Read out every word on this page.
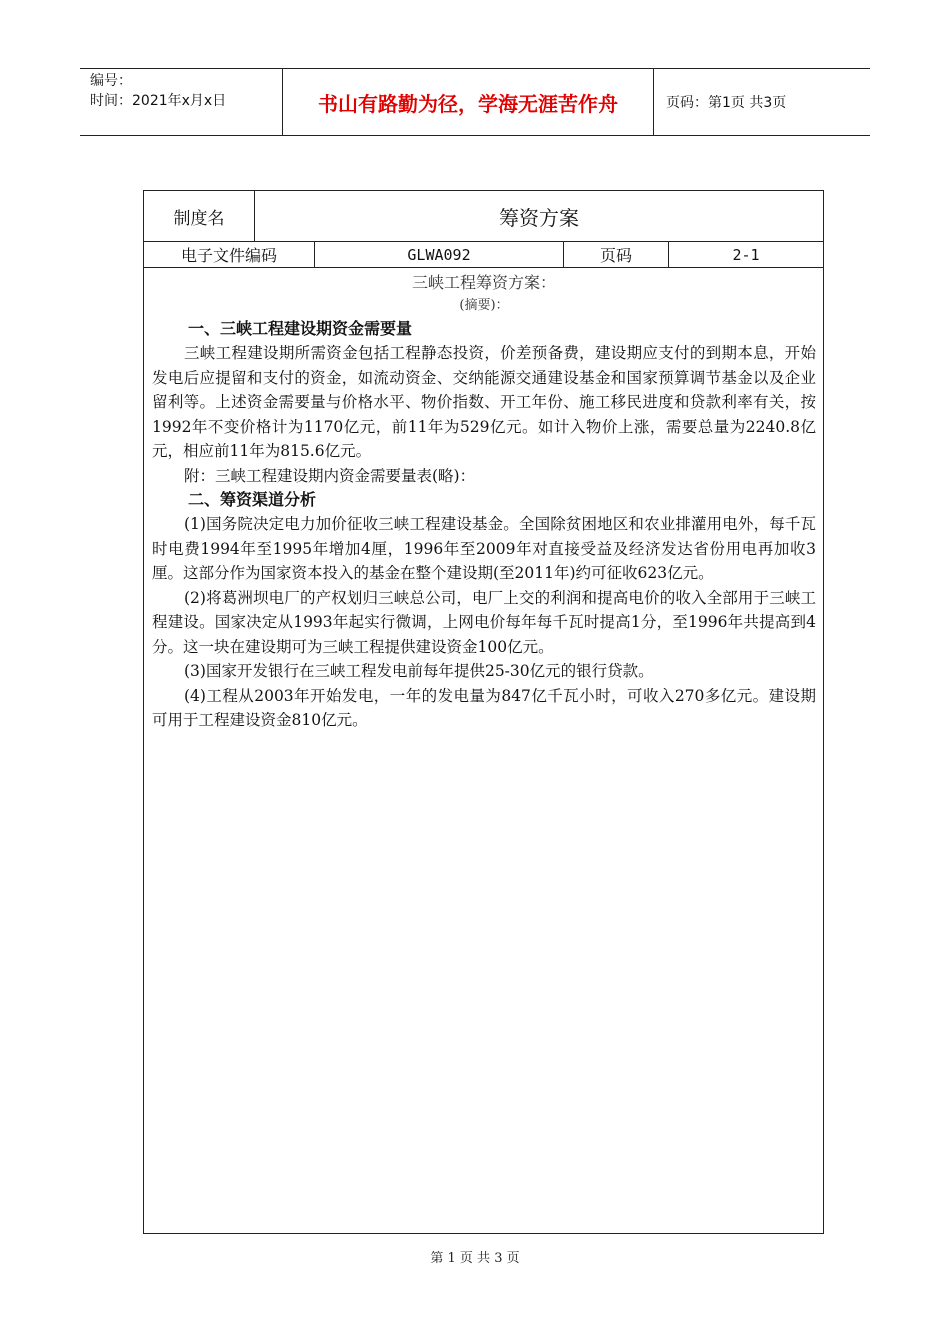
编号：
时间：2021年x月x日	书山有路勤为径，学海无涯苦作舟	页码：第1页 共3页
制度名	筹资方案
电子文件编码	GLWA092	页码	2-1
三峡工程筹资方案：
(摘要)：
一、三峡工程建设期资金需要量

三峡工程建设期所需资金包括工程静态投资，价差预备费，建设期应支付的到期本息，开始发电后应提留和支付的资金，如流动资金、交纳能源交通建设基金和国家预算调节基金以及企业留利等。上述资金需要量与价格水平、物价指数、开工年份、施工移民进度和贷款利率有关，按1992年不变价格计为1170亿元，前11年为529亿元。如计入物价上涨，需要总量为2240.8亿元，相应前11年为815.6亿元。

附：三峡工程建设期内资金需要量表(略)：

二、筹资渠道分析

(1)国务院决定电力加价征收三峡工程建设基金。全国除贫困地区和农业排灌用电外，每千瓦时电费1994年至1995年增加4厘，1996年至2009年对直接受益及经济发达省份用电再加收3厘。这部分作为国家资本投入的基金在整个建设期(至2011年)约可征收623亿元。

(2)将葛洲坝电厂的产权划归三峡总公司，电厂上交的利润和提高电价的收入全部用于三峡工程建设。国家决定从1993年起实行微调，上网电价每年每千瓦时提高1分，至1996年共提高到4分。这一块在建设期可为三峡工程提供建设资金100亿元。

(3)国家开发银行在三峡工程发电前每年提供25-30亿元的银行贷款。

(4)工程从2003年开始发电，一年的发电量为847亿千瓦小时，可收入270多亿元。建设期可用于工程建设资金810亿元。

第 1 页 共 3 页
